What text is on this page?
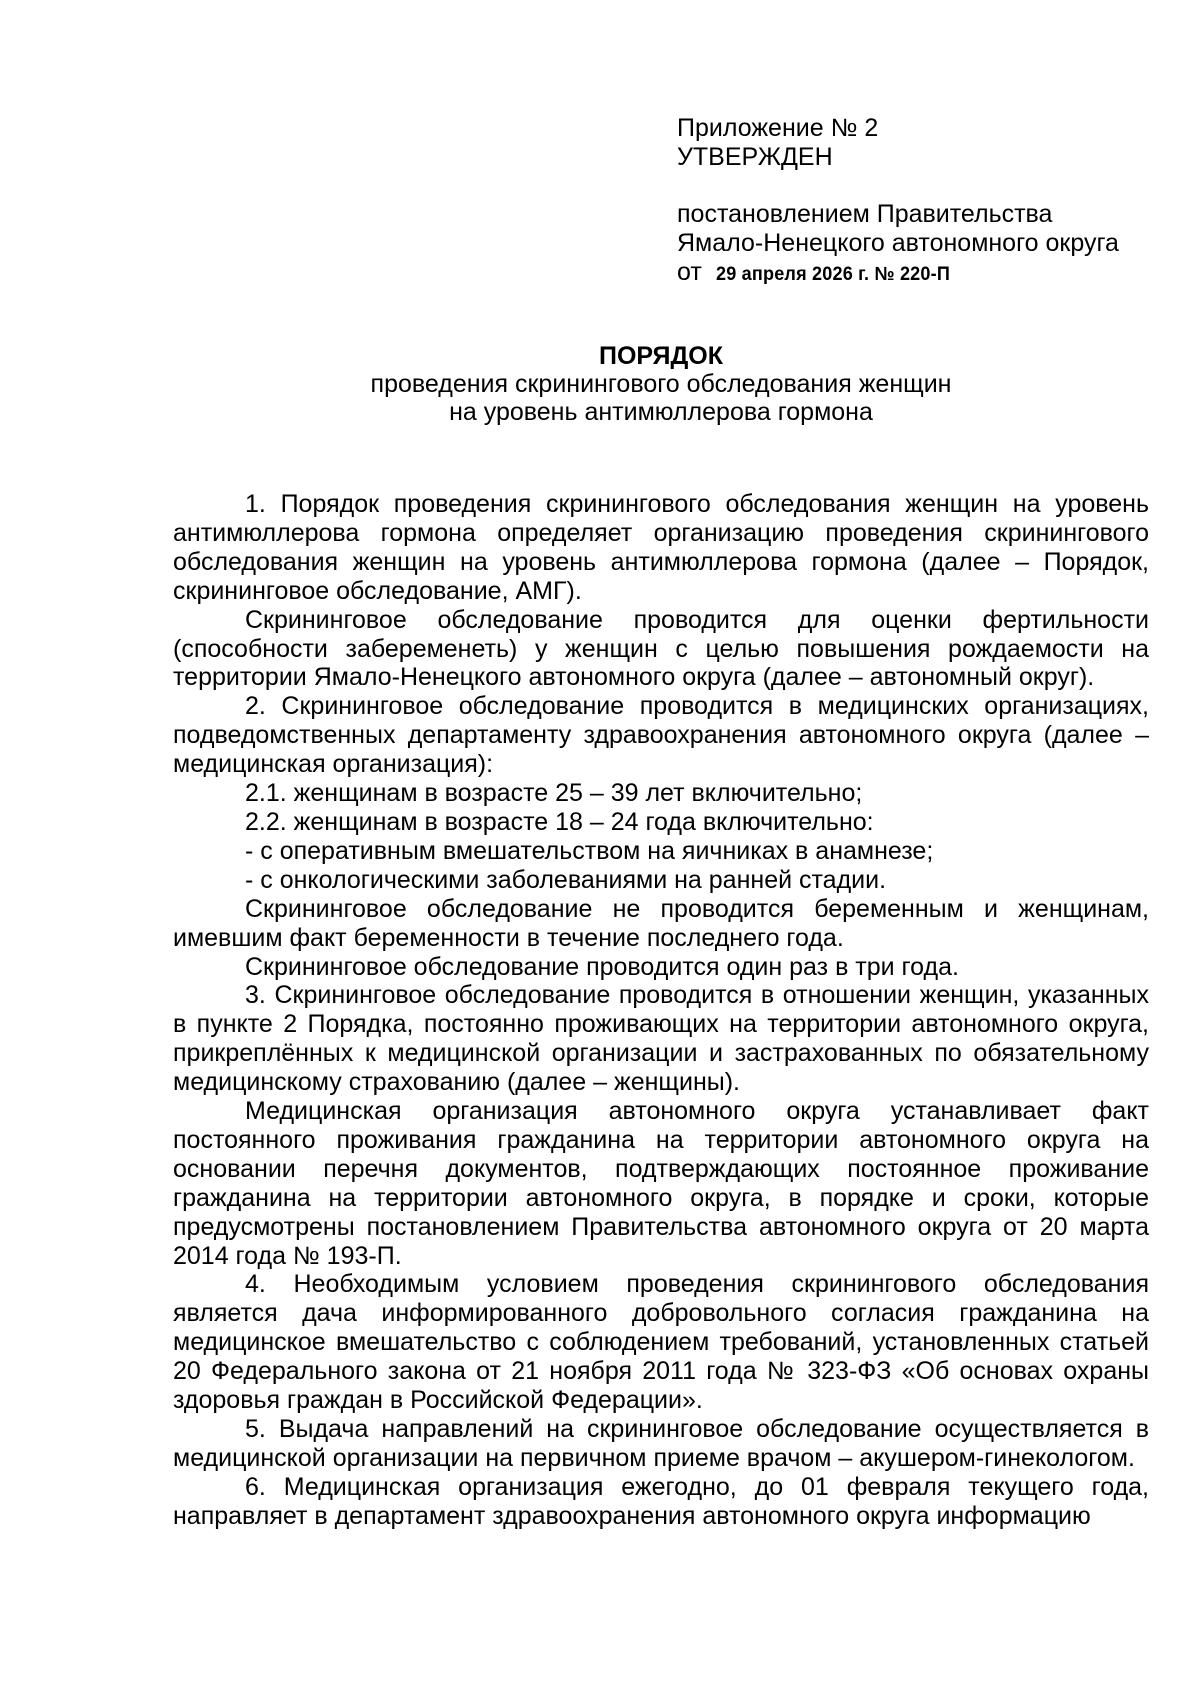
Приложение № 2
УТВЕРЖДЕН
постановлением Правительства
Ямало-Ненецкого автономного округа
от 29 апреля 2026 г. № 220-П
ПОРЯДОК
проведения скринингового обследования женщин
на уровень антимюллерова гормона

1. Порядок проведения скринингового обследования женщин на уровень антимюллерова гормона определяет организацию проведения скринингового обследования женщин на уровень антимюллерова гормона (далее – Порядок, скрининговое обследование, АМГ).

Скрининговое обследование проводится для оценки фертильности (способности забеременеть) у женщин с целью повышения рождаемости на территории Ямало-Ненецкого автономного округа (далее – автономный округ).

2. Скрининговое обследование проводится в медицинских организациях, подведомственных департаменту здравоохранения автономного округа (далее – медицинская организация):

2.1. женщинам в возрасте 25 – 39 лет включительно;

2.2. женщинам в возрасте 18 – 24 года включительно:

- с оперативным вмешательством на яичниках в анамнезе;

- с онкологическими заболеваниями на ранней стадии.

Скрининговое обследование не проводится беременным и женщинам, имевшим факт беременности в течение последнего года.

Скрининговое обследование проводится один раз в три года.

3. Скрининговое обследование проводится в отношении женщин, указанных в пункте 2 Порядка, постоянно проживающих на территории автономного округа, прикреплённых к медицинской организации и застрахованных по обязательному медицинскому страхованию (далее – женщины).

Медицинская организация автономного округа устанавливает факт постоянного проживания гражданина на территории автономного округа на основании перечня документов, подтверждающих постоянное проживание гражданина на территории автономного округа, в порядке и сроки, которые предусмотрены постановлением Правительства автономного округа от 20 марта 2014 года № 193-П.

4. Необходимым условием проведения скринингового обследования является дача информированного добровольного согласия гражданина на медицинское вмешательство с соблюдением требований, установленных статьей 20 Федерального закона от 21 ноября 2011 года № 323-ФЗ «Об основах охраны здоровья граждан в Российской Федерации».

5. Выдача направлений на скрининговое обследование осуществляется в медицинской организации на первичном приеме врачом – акушером-гинекологом.

6. Медицинская организация ежегодно, до 01 февраля текущего года, направляет в департамент здравоохранения автономного округа информацию
